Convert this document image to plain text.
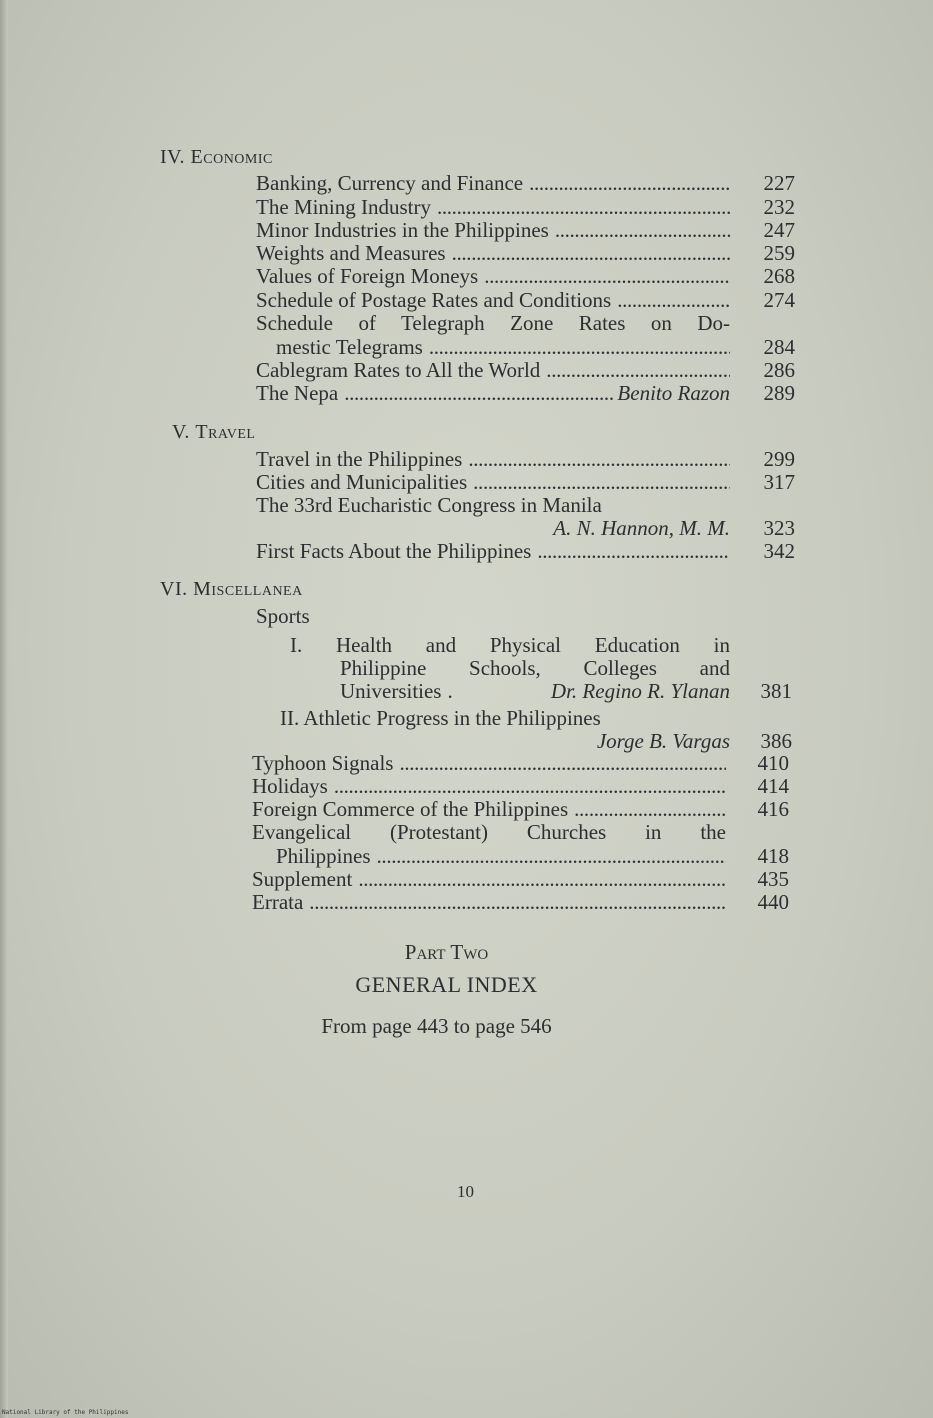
IV. Economic
Banking, Currency and Finance . . .	227
The Mining Industry . . .	232
Minor Industries in the Philippines . . .	247
Weights and Measures . . .	259
Values of Foreign Moneys . . .	268
Schedule of Postage Rates and Conditions . . .	274
Schedule of Telegraph Zone Rates on Do-
mestic Telegrams . . .	284
Cablegram Rates to All the World . . .	286
The Nepa . . .	Benito Razon	289
V. Travel
Travel in the Philippines . . .	299
Cities and Municipalities . . .	317
The 33rd Eucharistic Congress in Manila
A. N. Hannon, M. M.	323
First Facts About the Philippines . . .	342
VI. Miscellanea
Sports
I. Health and Physical Education in
Philippine Schools, Colleges and
Universities .	Dr. Regino R. Ylanan	381
II. Athletic Progress in the Philippines
Jorge B. Vargas	386
Typhoon Signals . . .	410
Holidays . . .	414
Foreign Commerce of the Philippines . . .	416
Evangelical (Protestant) Churches in the
Philippines . . .	418
Supplement . . .	435
Errata . . .	440
Part Two
GENERAL INDEX
From page 443 to page 546
10
National Library of the Philippines
